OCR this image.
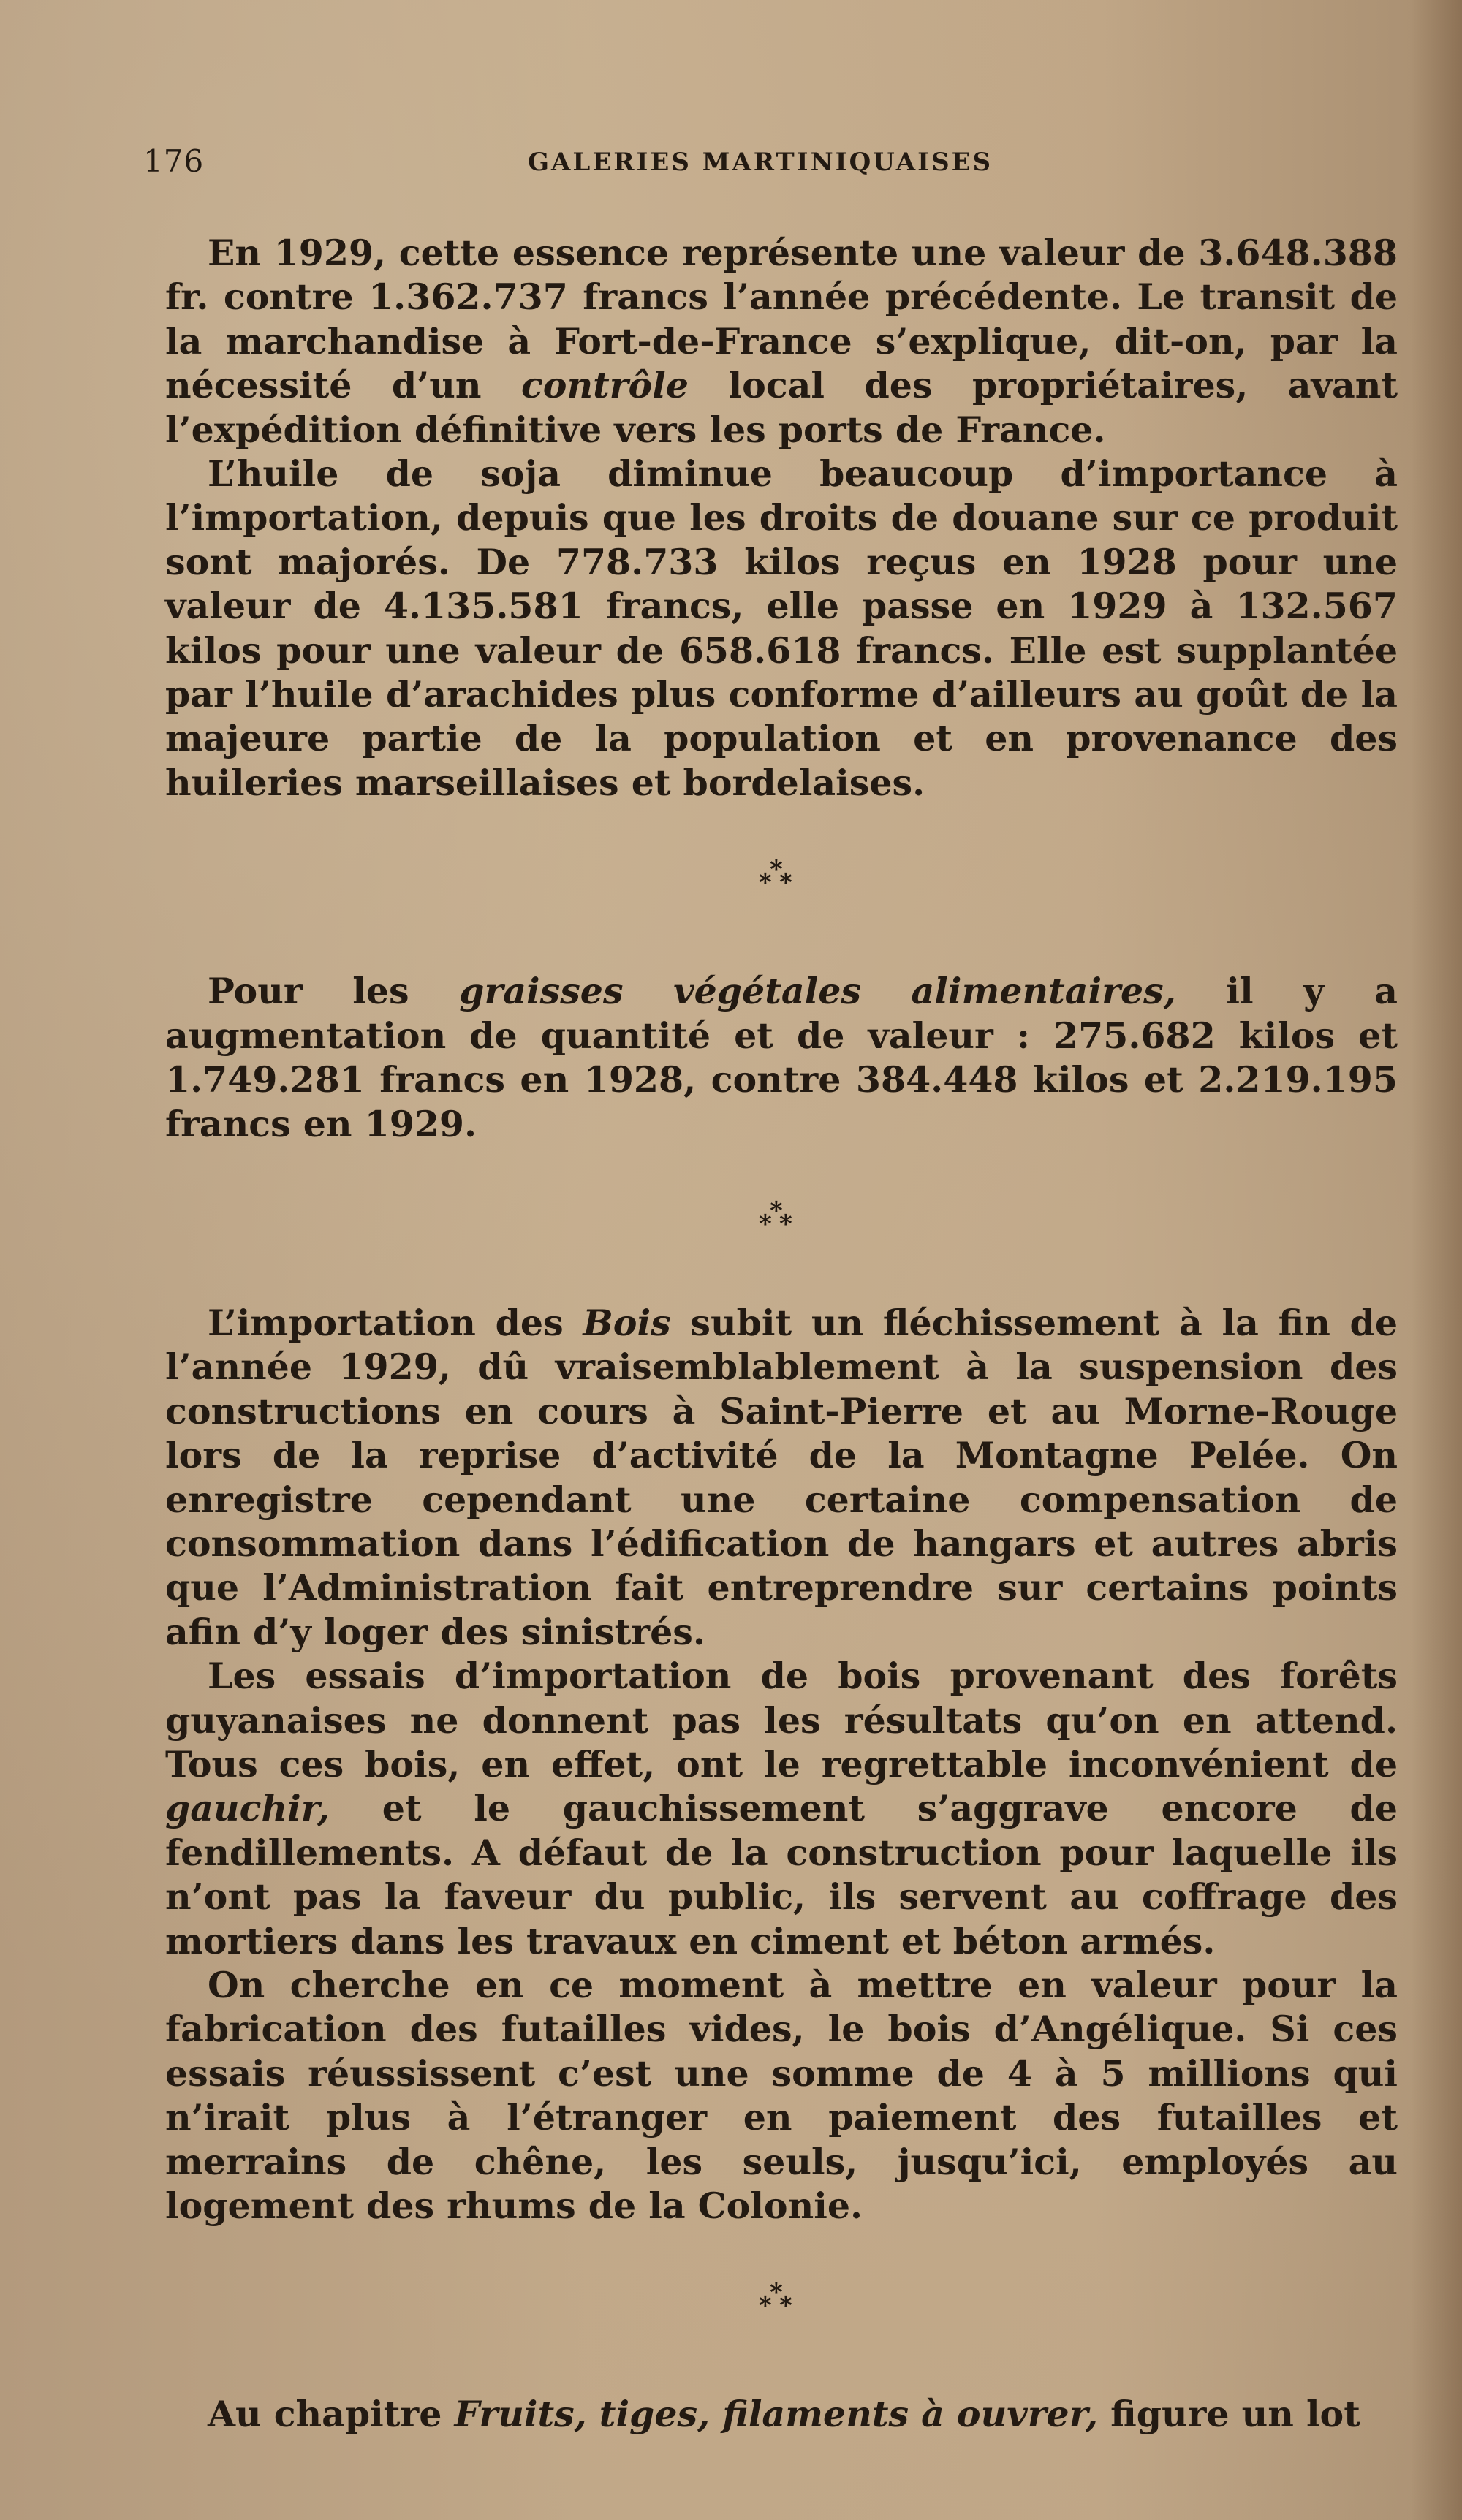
176	GALERIES MARTINIQUAISES

En 1929, cette essence représente une valeur de 3.648.388 fr. contre 1.362.737 francs l’année précédente. Le transit de la marchandise à Fort-de-France s’explique, dit-on, par la nécessité d’un contrôle local des propriétaires, avant l’expédition définitive vers les ports de France.

L’huile de soja diminue beaucoup d’importance à l’importation, depuis que les droits de douane sur ce produit sont majorés. De 778.733 kilos reçus en 1928 pour une valeur de 4.135.581 francs, elle passe en 1929 à 132.567 kilos pour une valeur de 658.618 francs. Elle est supplantée par l’huile d’arachides plus conforme d’ailleurs au goût de la majeure partie de la population et en provenance des huileries marseillaises et bordelaises.

*
* *

Pour les graisses végétales alimentaires, il y a augmentation de quantité et de valeur : 275.682 kilos et 1.749.281 francs en 1928, contre 384.448 kilos et 2.219.195 francs en 1929.

*
* *

L’importation des Bois subit un fléchissement à la fin de l’année 1929, dû vraisemblablement à la suspension des constructions en cours à Saint-Pierre et au Morne-Rouge lors de la reprise d’activité de la Montagne Pelée. On enregistre cependant une certaine compensation de consommation dans l’édification de hangars et autres abris que l’Administration fait entreprendre sur certains points afin d’y loger des sinistrés.

Les essais d’importation de bois provenant des forêts guyanaises ne donnent pas les résultats qu’on en attend. Tous ces bois, en effet, ont le regrettable inconvénient de gauchir, et le gauchissement s’aggrave encore de fendillements. A défaut de la construction pour laquelle ils n’ont pas la faveur du public, ils servent au coffrage des mortiers dans les travaux en ciment et béton armés.

On cherche en ce moment à mettre en valeur pour la fabrication des futailles vides, le bois d’Angélique. Si ces essais réussissent c’est une somme de 4 à 5 millions qui n’irait plus à l’étranger en paiement des futailles et merrains de chêne, les seuls, jusqu’ici, employés au logement des rhums de la Colonie.

*
* *

Au chapitre Fruits, tiges, filaments à ouvrer, figure un lot
